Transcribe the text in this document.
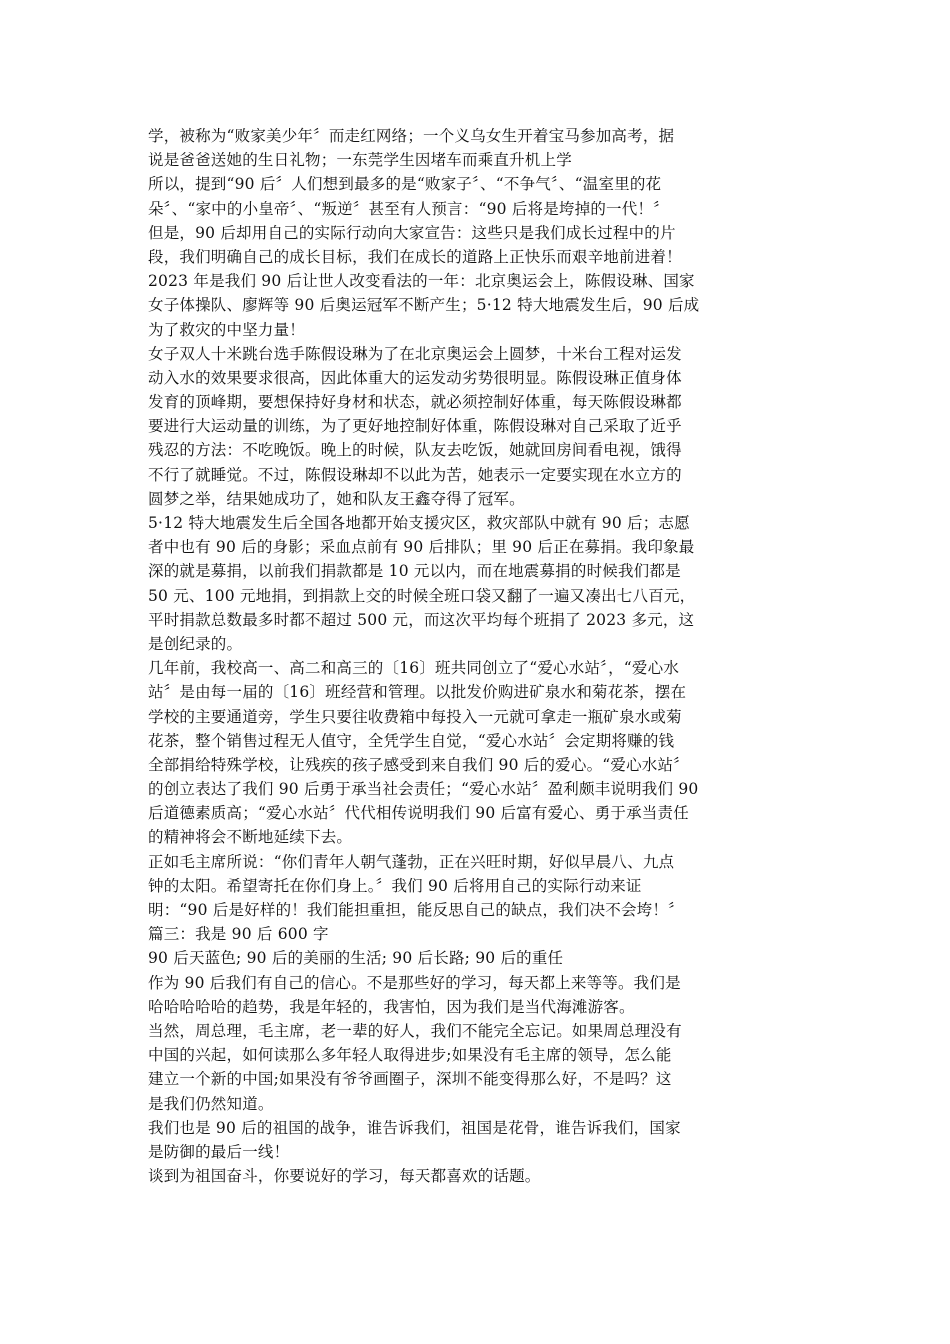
学，被称为“败家美少年〞而走红网络；一个义乌女生开着宝马参加高考，据
说是爸爸送她的生日礼物；一东莞学生因堵车而乘直升机上学
所以，提到“90 后〞人们想到最多的是“败家子〞、“不争气〞、“温室里的花
朵〞、“家中的小皇帝〞、“叛逆〞甚至有人预言：“90 后将是垮掉的一代！〞
但是，90 后却用自己的实际行动向大家宣告：这些只是我们成长过程中的片
段，我们明确自己的成长目标，我们在成长的道路上正快乐而艰辛地前进着！
2023 年是我们 90 后让世人改变看法的一年：北京奥运会上，陈假设琳、国家
女子体操队、廖辉等 90 后奥运冠军不断产生；5·12 特大地震发生后，90 后成
为了救灾的中坚力量！
女子双人十米跳台选手陈假设琳为了在北京奥运会上圆梦，十米台工程对运发
动入水的效果要求很高，因此体重大的运发动劣势很明显。陈假设琳正值身体
发育的顶峰期，要想保持好身材和状态，就必须控制好体重，每天陈假设琳都
要进行大运动量的训练，为了更好地控制好体重，陈假设琳对自己采取了近乎
残忍的方法：不吃晚饭。晚上的时候，队友去吃饭，她就回房间看电视，饿得
不行了就睡觉。不过，陈假设琳却不以此为苦，她表示一定要实现在水立方的
圆梦之举，结果她成功了，她和队友王鑫夺得了冠军。
5·12 特大地震发生后全国各地都开始支援灾区，救灾部队中就有 90 后；志愿
者中也有 90 后的身影；采血点前有 90 后排队；里 90 后正在募捐。我印象最
深的就是募捐，以前我们捐款都是 10 元以内，而在地震募捐的时候我们都是
50 元、100 元地捐，到捐款上交的时候全班口袋又翻了一遍又凑出七八百元，
平时捐款总数最多时都不超过 500 元，而这次平均每个班捐了 2023 多元，这
是创纪录的。
几年前，我校高一、高二和高三的〔16〕班共同创立了“爱心水站〞，“爱心水
站〞是由每一届的〔16〕班经营和管理。以批发价购进矿泉水和菊花茶，摆在
学校的主要通道旁，学生只要往收费箱中每投入一元就可拿走一瓶矿泉水或菊
花茶，整个销售过程无人值守，全凭学生自觉，“爱心水站〞会定期将赚的钱
全部捐给特殊学校，让残疾的孩子感受到来自我们 90 后的爱心。“爱心水站〞
的创立表达了我们 90 后勇于承当社会责任；“爱心水站〞盈利颇丰说明我们 90
后道德素质高；“爱心水站〞代代相传说明我们 90 后富有爱心、勇于承当责任
的精神将会不断地延续下去。
正如毛主席所说：“你们青年人朝气蓬勃，正在兴旺时期，好似早晨八、九点
钟的太阳。希望寄托在你们身上。〞我们 90 后将用自己的实际行动来证
明：“90 后是好样的！我们能担重担，能反思自己的缺点，我们决不会垮！〞
篇三：我是 90 后 600 字
90 后天蓝色; 90 后的美丽的生活; 90 后长路; 90 后的重任
作为 90 后我们有自己的信心。不是那些好的学习，每天都上来等等。我们是
哈哈哈哈哈的趋势，我是年轻的，我害怕，因为我们是当代海滩游客。
当然，周总理，毛主席，老一辈的好人，我们不能完全忘记。如果周总理没有
中国的兴起，如何读那么多年轻人取得进步;如果没有毛主席的领导，怎么能
建立一个新的中国;如果没有爷爷画圈子，深圳不能变得那么好，不是吗？这
是我们仍然知道。
我们也是 90 后的祖国的战争，谁告诉我们，祖国是花骨，谁告诉我们，国家
是防御的最后一线！
谈到为祖国奋斗，你要说好的学习，每天都喜欢的话题。
